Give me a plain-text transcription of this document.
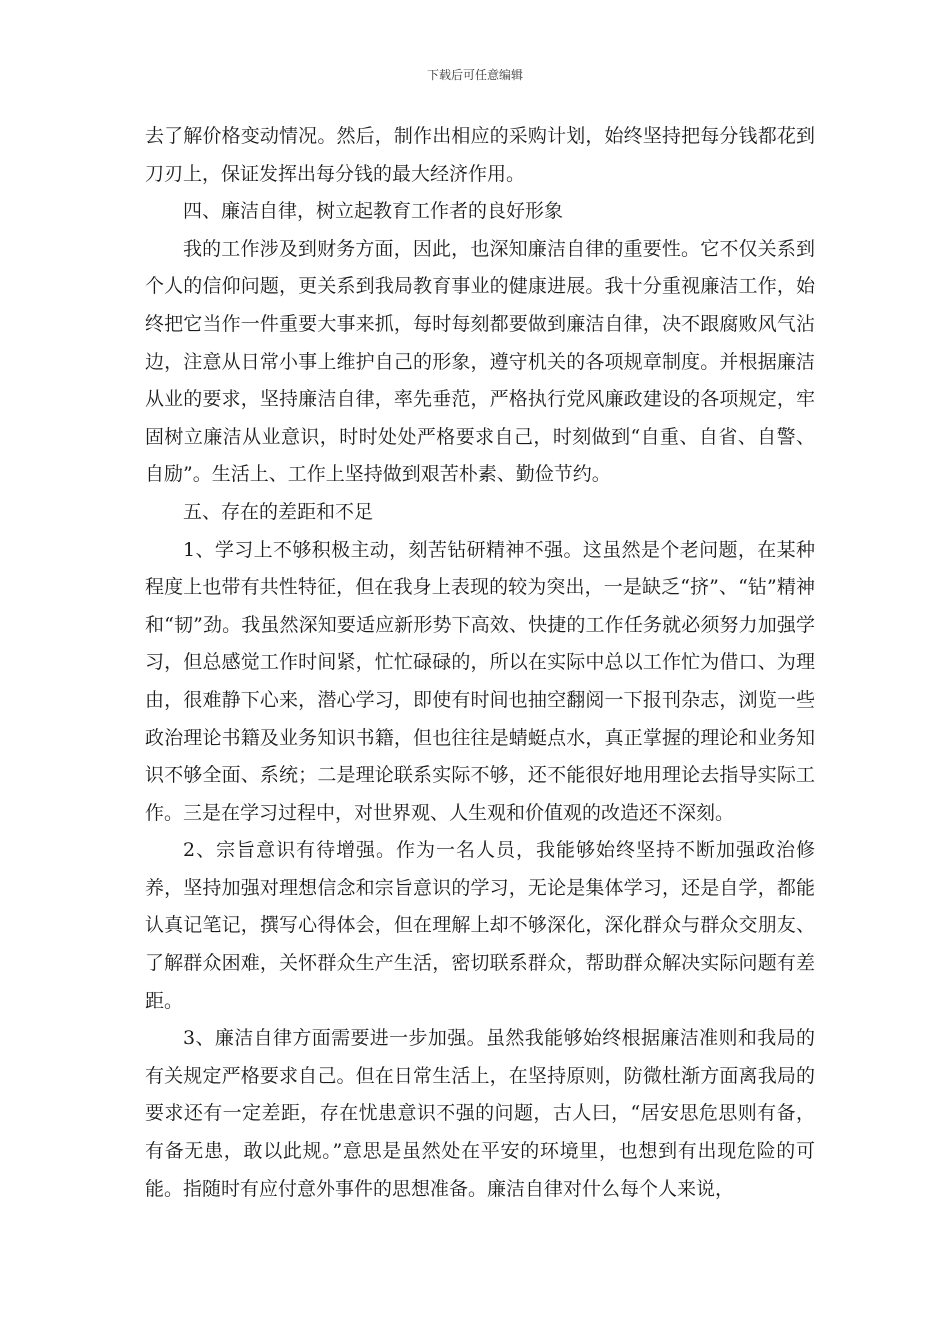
下载后可任意编辑

去了解价格变动情况。然后，制作出相应的采购计划，始终坚持把每分钱都花到刀刃上，保证发挥出每分钱的最大经济作用。

四、廉洁自律，树立起教育工作者的良好形象

我的工作涉及到财务方面，因此，也深知廉洁自律的重要性。它不仅关系到个人的信仰问题，更关系到我局教育事业的健康进展。我十分重视廉洁工作，始终把它当作一件重要大事来抓，每时每刻都要做到廉洁自律，决不跟腐败风气沾边，注意从日常小事上维护自己的形象，遵守机关的各项规章制度。并根据廉洁从业的要求，坚持廉洁自律，率先垂范，严格执行党风廉政建设的各项规定，牢固树立廉洁从业意识，时时处处严格要求自己，时刻做到“自重、自省、自警、自励”。生活上、工作上坚持做到艰苦朴素、勤俭节约。

五、存在的差距和不足

1、学习上不够积极主动，刻苦钻研精神不强。这虽然是个老问题，在某种程度上也带有共性特征，但在我身上表现的较为突出，一是缺乏“挤”、“钻”精神和“韧”劲。我虽然深知要适应新形势下高效、快捷的工作任务就必须努力加强学习，但总感觉工作时间紧，忙忙碌碌的，所以在实际中总以工作忙为借口、为理由，很难静下心来，潜心学习，即使有时间也抽空翻阅一下报刊杂志，浏览一些政治理论书籍及业务知识书籍，但也往往是蜻蜓点水，真正掌握的理论和业务知识不够全面、系统；二是理论联系实际不够，还不能很好地用理论去指导实际工作。三是在学习过程中，对世界观、人生观和价值观的改造还不深刻。

2、宗旨意识有待增强。作为一名人员，我能够始终坚持不断加强政治修养，坚持加强对理想信念和宗旨意识的学习，无论是集体学习，还是自学，都能认真记笔记，撰写心得体会，但在理解上却不够深化，深化群众与群众交朋友、了解群众困难，关怀群众生产生活，密切联系群众，帮助群众解决实际问题有差距。

3、廉洁自律方面需要进一步加强。虽然我能够始终根据廉洁准则和我局的有关规定严格要求自己。但在日常生活上，在坚持原则，防微杜渐方面离我局的要求还有一定差距，存在忧患意识不强的问题，古人曰，“居安思危思则有备，有备无患，敢以此规。”意思是虽然处在平安的环境里，也想到有出现危险的可能。指随时有应付意外事件的思想准备。廉洁自律对什么每个人来说，
